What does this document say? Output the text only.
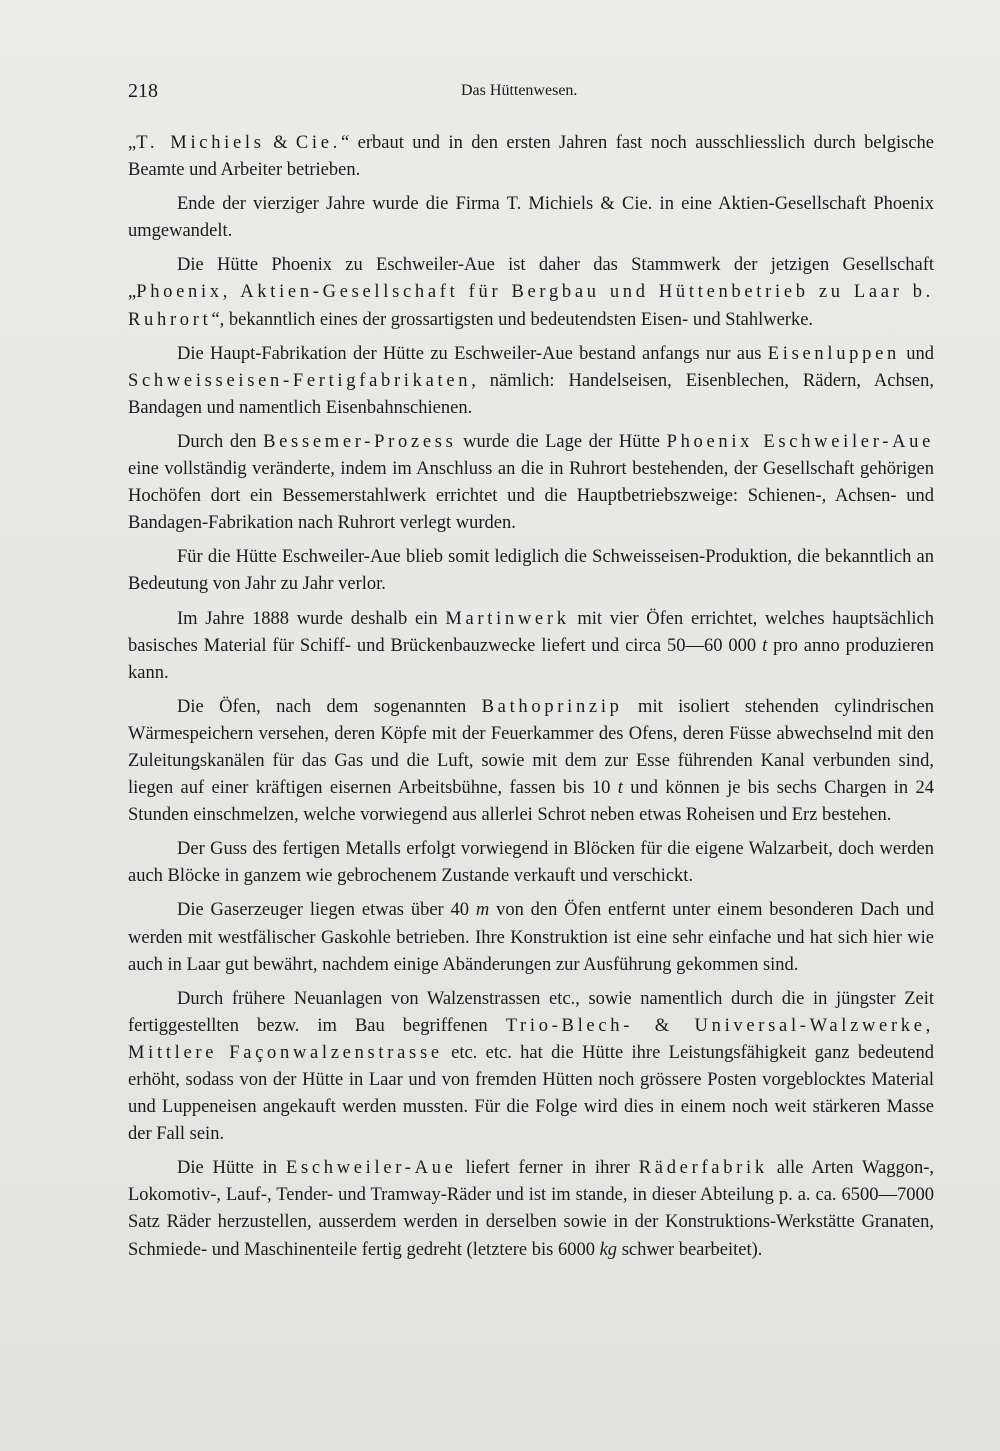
218	Das Hüttenwesen.

„T. Michiels & Cie.“ erbaut und in den ersten Jahren fast noch ausschliesslich durch belgische Beamte und Arbeiter betrieben.

Ende der vierziger Jahre wurde die Firma T. Michiels & Cie. in eine Aktien-Gesellschaft Phoenix umgewandelt.

Die Hütte Phoenix zu Eschweiler-Aue ist daher das Stammwerk der jetzigen Gesellschaft „Phoenix, Aktien-Gesellschaft für Bergbau und Hüttenbetrieb zu Laar b. Ruhrort“, bekanntlich eines der grossartigsten und bedeutendsten Eisen- und Stahlwerke.

Die Haupt-Fabrikation der Hütte zu Eschweiler-Aue bestand anfangs nur aus Eisenluppen und Schweisseisen-Fertigfabrikaten, nämlich: Handelseisen, Eisenblechen, Rädern, Achsen, Bandagen und namentlich Eisenbahnschienen.

Durch den Bessemer-Prozess wurde die Lage der Hütte Phoenix Eschweiler-Aue eine vollständig veränderte, indem im Anschluss an die in Ruhrort bestehenden, der Gesellschaft gehörigen Hochöfen dort ein Bessemerstahlwerk errichtet und die Hauptbetriebszweige: Schienen-, Achsen- und Bandagen-Fabrikation nach Ruhrort verlegt wurden.

Für die Hütte Eschweiler-Aue blieb somit lediglich die Schweisseisen-Produktion, die bekanntlich an Bedeutung von Jahr zu Jahr verlor.

Im Jahre 1888 wurde deshalb ein Martinwerk mit vier Öfen errichtet, welches hauptsächlich basisches Material für Schiff- und Brückenbauzwecke liefert und circa 50—60 000 t pro anno produzieren kann.

Die Öfen, nach dem sogenannten Bathoprinzip mit isoliert stehenden cylindrischen Wärmespeichern versehen, deren Köpfe mit der Feuerkammer des Ofens, deren Füsse abwechselnd mit den Zuleitungskanälen für das Gas und die Luft, sowie mit dem zur Esse führenden Kanal verbunden sind, liegen auf einer kräftigen eisernen Arbeitsbühne, fassen bis 10 t und können je bis sechs Chargen in 24 Stunden einschmelzen, welche vorwiegend aus allerlei Schrot neben etwas Roheisen und Erz bestehen.

Der Guss des fertigen Metalls erfolgt vorwiegend in Blöcken für die eigene Walzarbeit, doch werden auch Blöcke in ganzem wie gebrochenem Zustande verkauft und verschickt.

Die Gaserzeuger liegen etwas über 40 m von den Öfen entfernt unter einem besonderen Dach und werden mit westfälischer Gaskohle betrieben. Ihre Konstruktion ist eine sehr einfache und hat sich hier wie auch in Laar gut bewährt, nachdem einige Abänderungen zur Ausführung gekommen sind.

Durch frühere Neuanlagen von Walzenstrassen etc., sowie namentlich durch die in jüngster Zeit fertiggestellten bezw. im Bau begriffenen Trio-Blech- & Universal-Walzwerke, Mittlere Façonwalzenstrasse etc. etc. hat die Hütte ihre Leistungsfähigkeit ganz bedeutend erhöht, sodass von der Hütte in Laar und von fremden Hütten noch grössere Posten vorgeblocktes Material und Luppeneisen angekauft werden mussten. Für die Folge wird dies in einem noch weit stärkeren Masse der Fall sein.

Die Hütte in Eschweiler-Aue liefert ferner in ihrer Räderfabrik alle Arten Waggon-, Lokomotiv-, Lauf-, Tender- und Tramway-Räder und ist im stande, in dieser Abteilung p. a. ca. 6500—7000 Satz Räder herzustellen, ausserdem werden in derselben sowie in der Konstruktions-Werkstätte Granaten, Schmiede- und Maschinenteile fertig gedreht (letztere bis 6000 kg schwer bearbeitet).
